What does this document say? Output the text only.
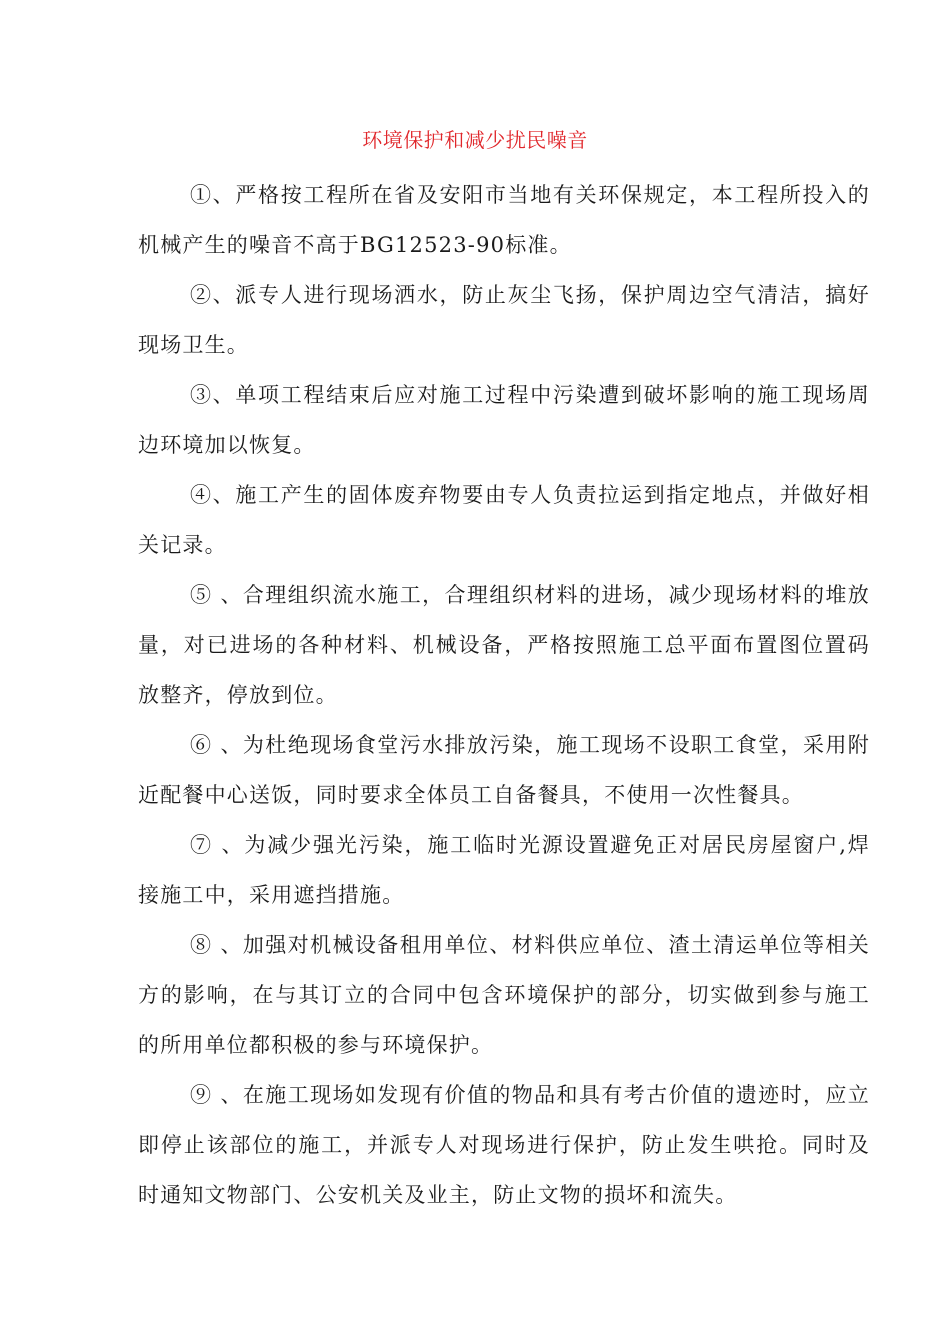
环境保护和减少扰民噪音

①、严格按工程所在省及安阳市当地有关环保规定，本工程所投入的机械产生的噪音不高于BG12523-90标准。

②、派专人进行现场洒水，防止灰尘飞扬，保护周边空气清洁，搞好现场卫生。

③、单项工程结束后应对施工过程中污染遭到破坏影响的施工现场周边环境加以恢复。

④、施工产生的固体废弃物要由专人负责拉运到指定地点，并做好相关记录。

⑤ 、合理组织流水施工，合理组织材料的进场，减少现场材料的堆放量，对已进场的各种材料、机械设备，严格按照施工总平面布置图位置码放整齐，停放到位。

⑥ 、为杜绝现场食堂污水排放污染，施工现场不设职工食堂，采用附近配餐中心送饭，同时要求全体员工自备餐具，不使用一次性餐具。

⑦ 、为减少强光污染，施工临时光源设置避免正对居民房屋窗户,焊接施工中，采用遮挡措施。

⑧ 、加强对机械设备租用单位、材料供应单位、渣土清运单位等相关方的影响，在与其订立的合同中包含环境保护的部分，切实做到参与施工的所用单位都积极的参与环境保护。

⑨ 、在施工现场如发现有价值的物品和具有考古价值的遗迹时，应立即停止该部位的施工，并派专人对现场进行保护，防止发生哄抢。同时及时通知文物部门、公安机关及业主，防止文物的损坏和流失。
